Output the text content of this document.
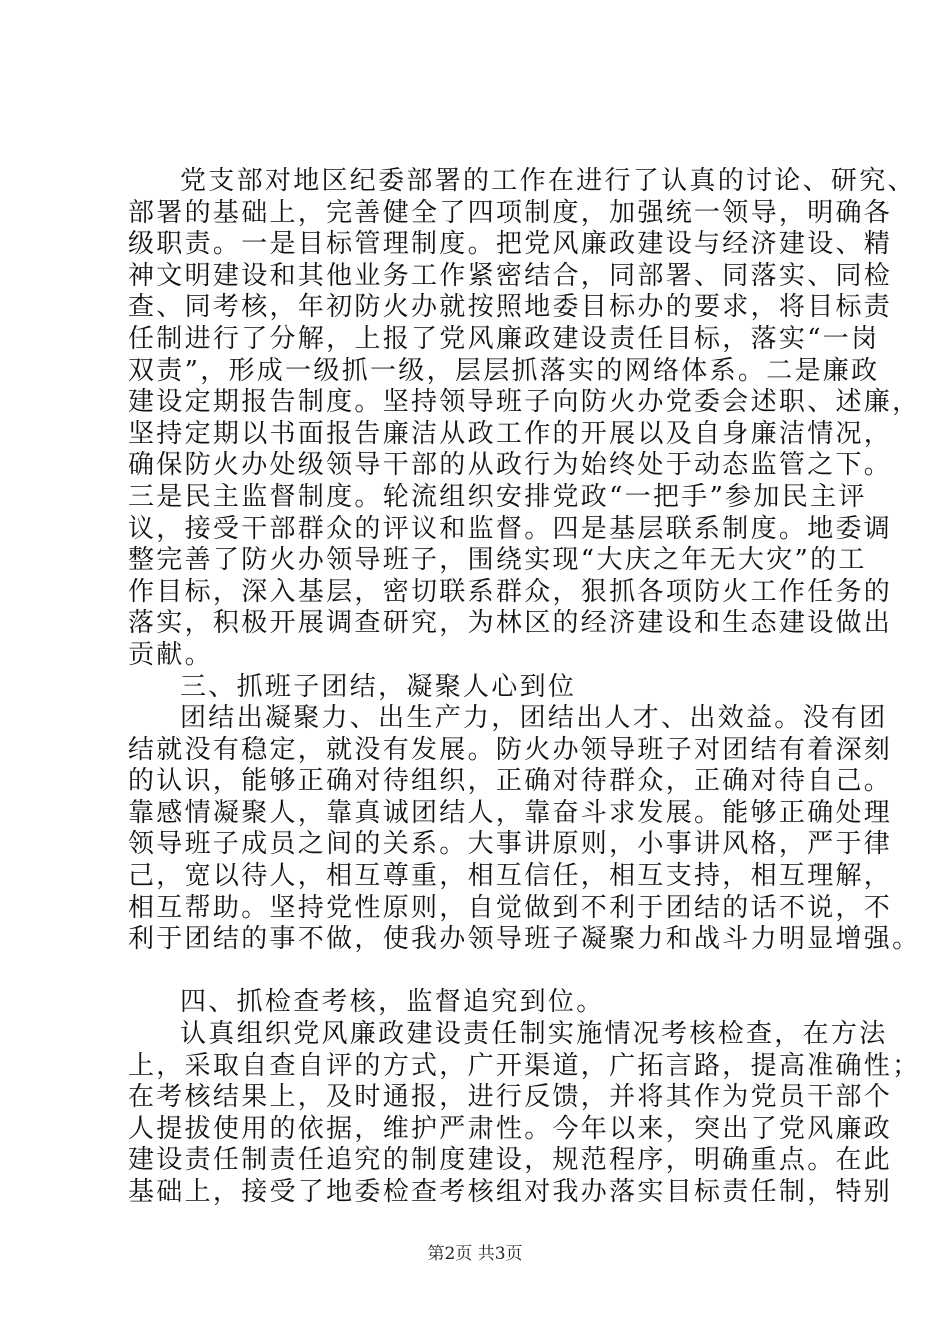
党支部对地区纪委部署的工作在进行了认真的讨论、研究、
部署的基础上，完善健全了四项制度，加强统一领导，明确各
级职责。一是目标管理制度。把党风廉政建设与经济建设、精
神文明建设和其他业务工作紧密结合，同部署、同落实、同检
查、同考核，年初防火办就按照地委目标办的要求，将目标责
任制进行了分解，上报了党风廉政建设责任目标，落实“一岗
双责”，形成一级抓一级，层层抓落实的网络体系。二是廉政
建设定期报告制度。坚持领导班子向防火办党委会述职、述廉，
坚持定期以书面报告廉洁从政工作的开展以及自身廉洁情况，
确保防火办处级领导干部的从政行为始终处于动态监管之下。
三是民主监督制度。轮流组织安排党政“一把手”参加民主评
议，接受干部群众的评议和监督。四是基层联系制度。地委调
整完善了防火办领导班子，围绕实现“大庆之年无大灾”的工
作目标，深入基层，密切联系群众，狠抓各项防火工作任务的
落实，积极开展调查研究，为林区的经济建设和生态建设做出
贡献。
三、抓班子团结，凝聚人心到位
团结出凝聚力、出生产力，团结出人才、出效益。没有团
结就没有稳定，就没有发展。防火办领导班子对团结有着深刻
的认识，能够正确对待组织，正确对待群众，正确对待自己。
靠感情凝聚人，靠真诚团结人，靠奋斗求发展。能够正确处理
领导班子成员之间的关系。大事讲原则，小事讲风格，严于律
己，宽以待人，相互尊重，相互信任，相互支持，相互理解，
相互帮助。坚持党性原则，自觉做到不利于团结的话不说，不
利于团结的事不做，使我办领导班子凝聚力和战斗力明显增强。
四、抓检查考核，监督追究到位。
认真组织党风廉政建设责任制实施情况考核检查，在方法
上，采取自查自评的方式，广开渠道，广拓言路，提高准确性；
在考核结果上，及时通报，进行反馈，并将其作为党员干部个
人提拔使用的依据，维护严肃性。今年以来，突出了党风廉政
建设责任制责任追究的制度建设，规范程序，明确重点。在此
基础上，接受了地委检查考核组对我办落实目标责任制，特别
第2页 共3页
